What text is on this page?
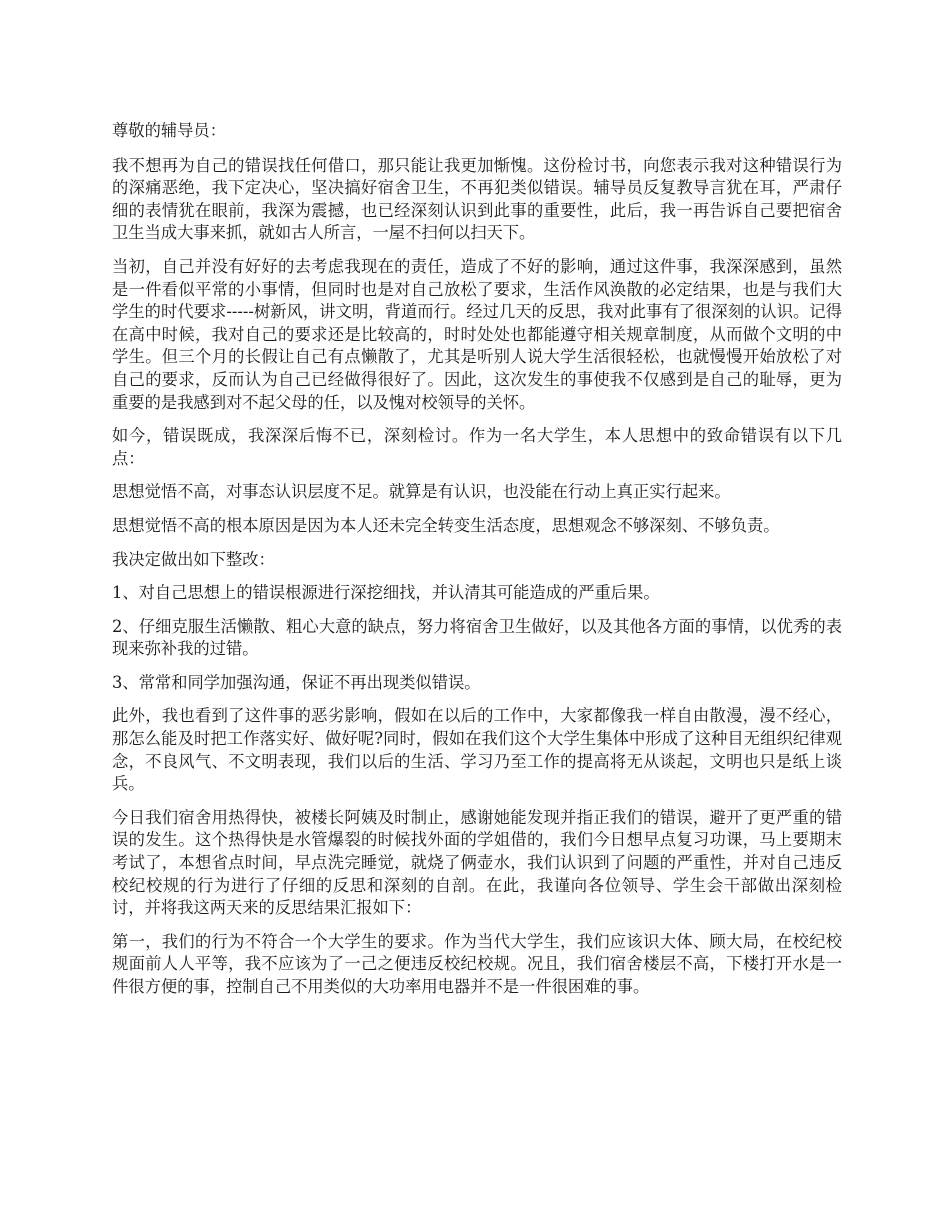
尊敬的辅导员：

我不想再为自己的错误找任何借口，那只能让我更加惭愧。这份检讨书，向您表示我对这种错误行为的深痛恶绝，我下定决心，坚决搞好宿舍卫生，不再犯类似错误。辅导员反复教导言犹在耳，严肃仔细的表情犹在眼前，我深为震撼，也已经深刻认识到此事的重要性，此后，我一再告诉自己要把宿舍卫生当成大事来抓，就如古人所言，一屋不扫何以扫天下。

当初，自己并没有好好的去考虑我现在的责任，造成了不好的影响，通过这件事，我深深感到，虽然是一件看似平常的小事情，但同时也是对自己放松了要求，生活作风涣散的必定结果，也是与我们大学生的时代要求-----树新风，讲文明，背道而行。经过几天的反思，我对此事有了很深刻的认识。记得在高中时候，我对自己的要求还是比较高的，时时处处也都能遵守相关规章制度，从而做个文明的中学生。但三个月的长假让自己有点懒散了，尤其是听别人说大学生活很轻松，也就慢慢开始放松了对自己的要求，反而认为自己已经做得很好了。因此，这次发生的事使我不仅感到是自己的耻辱，更为重要的是我感到对不起父母的任，以及愧对校领导的关怀。

如今，错误既成，我深深后悔不已，深刻检讨。作为一名大学生，本人思想中的致命错误有以下几点：

思想觉悟不高，对事态认识层度不足。就算是有认识，也没能在行动上真正实行起来。

思想觉悟不高的根本原因是因为本人还未完全转变生活态度，思想观念不够深刻、不够负责。

我决定做出如下整改：

1、对自己思想上的错误根源进行深挖细找，并认清其可能造成的严重后果。

2、仔细克服生活懒散、粗心大意的缺点，努力将宿舍卫生做好，以及其他各方面的事情，以优秀的表现来弥补我的过错。

3、常常和同学加强沟通，保证不再出现类似错误。

此外，我也看到了这件事的恶劣影响，假如在以后的工作中，大家都像我一样自由散漫，漫不经心，那怎么能及时把工作落实好、做好呢?同时，假如在我们这个大学生集体中形成了这种目无组织纪律观念，不良风气、不文明表现，我们以后的生活、学习乃至工作的提高将无从谈起，文明也只是纸上谈兵。

今日我们宿舍用热得快，被楼长阿姨及时制止，感谢她能发现并指正我们的错误，避开了更严重的错误的发生。这个热得快是水管爆裂的时候找外面的学姐借的，我们今日想早点复习功课，马上要期末考试了，本想省点时间，早点洗完睡觉，就烧了俩壶水，我们认识到了问题的严重性，并对自己违反校纪校规的行为进行了仔细的反思和深刻的自剖。在此，我谨向各位领导、学生会干部做出深刻检讨，并将我这两天来的反思结果汇报如下：

第一，我们的行为不符合一个大学生的要求。作为当代大学生，我们应该识大体、顾大局，在校纪校规面前人人平等，我不应该为了一己之便违反校纪校规。况且，我们宿舍楼层不高，下楼打开水是一件很方便的事，控制自己不用类似的大功率用电器并不是一件很困难的事。
